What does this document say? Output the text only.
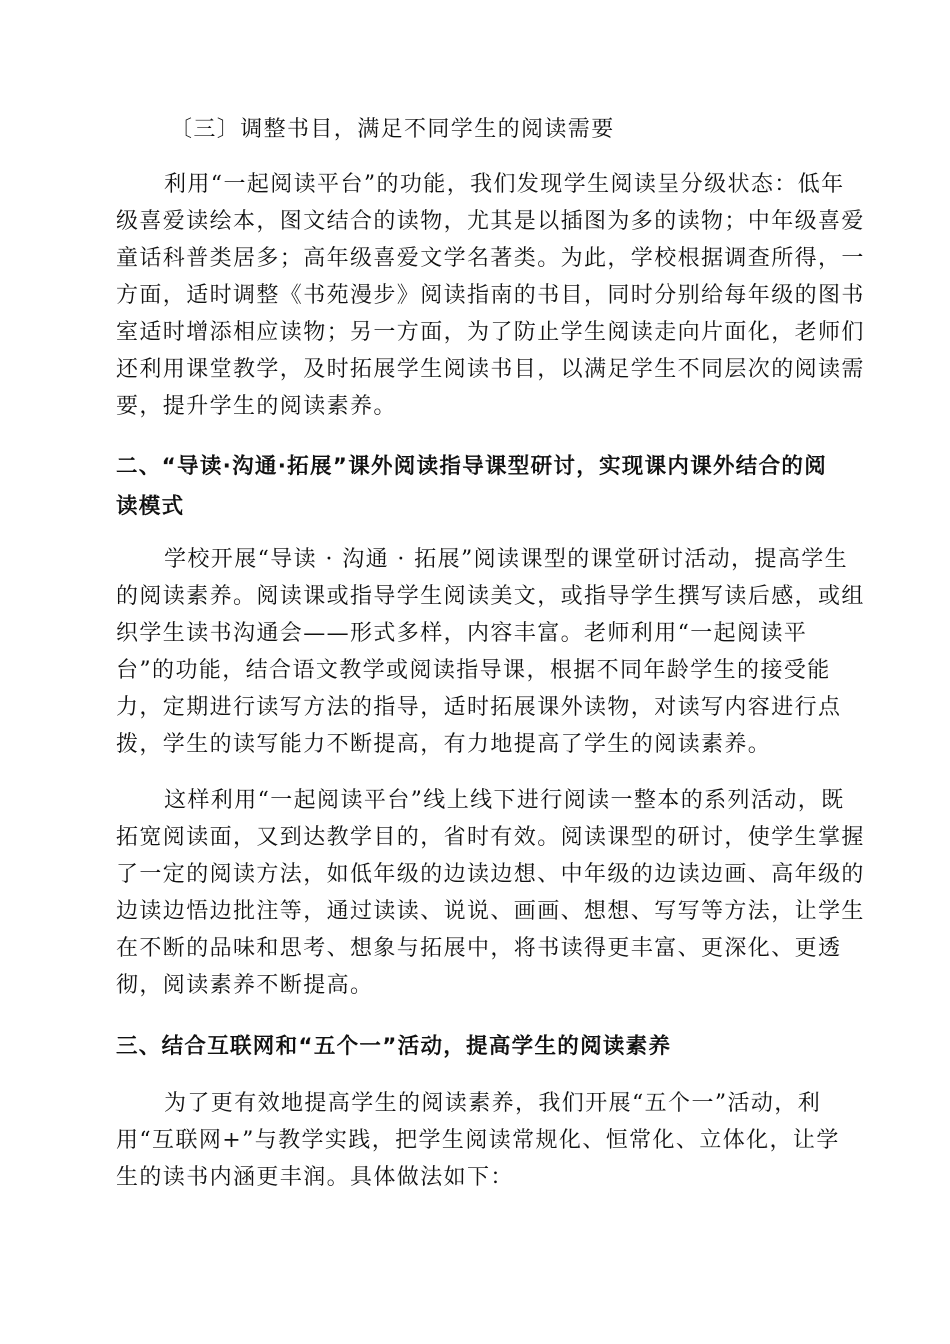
〔三〕调整书目，满足不同学生的阅读需要
利用“一起阅读平台”的功能，我们发现学生阅读呈分级状态：低年
级喜爱读绘本，图文结合的读物，尤其是以插图为多的读物；中年级喜爱
童话科普类居多；高年级喜爱文学名著类。为此，学校根据调查所得，一
方面，适时调整《书苑漫步》阅读指南的书目，同时分别给每年级的图书
室适时增添相应读物；另一方面，为了防止学生阅读走向片面化，老师们
还利用课堂教学，及时拓展学生阅读书目，以满足学生不同层次的阅读需
要，提升学生的阅读素养。
二、“导读·沟通·拓展”课外阅读指导课型研讨，实现课内课外结合的阅
读模式
学校开展“导读 · 沟通 · 拓展”阅读课型的课堂研讨活动，提高学生
的阅读素养。阅读课或指导学生阅读美文，或指导学生撰写读后感，或组
织学生读书沟通会——形式多样，内容丰富。老师利用“一起阅读平
台”的功能，结合语文教学或阅读指导课，根据不同年龄学生的接受能
力，定期进行读写方法的指导，适时拓展课外读物，对读写内容进行点
拨，学生的读写能力不断提高，有力地提高了学生的阅读素养。
这样利用“一起阅读平台”线上线下进行阅读一整本的系列活动，既
拓宽阅读面，又到达教学目的，省时有效。阅读课型的研讨，使学生掌握
了一定的阅读方法，如低年级的边读边想、中年级的边读边画、高年级的
边读边悟边批注等，通过读读、说说、画画、想想、写写等方法，让学生
在不断的品味和思考、想象与拓展中，将书读得更丰富、更深化、更透
彻，阅读素养不断提高。
三、结合互联网和“五个一”活动，提高学生的阅读素养
为了更有效地提高学生的阅读素养，我们开展“五个一”活动，利
用“互联网+”与教学实践，把学生阅读常规化、恒常化、立体化，让学
生的读书内涵更丰润。具体做法如下：
